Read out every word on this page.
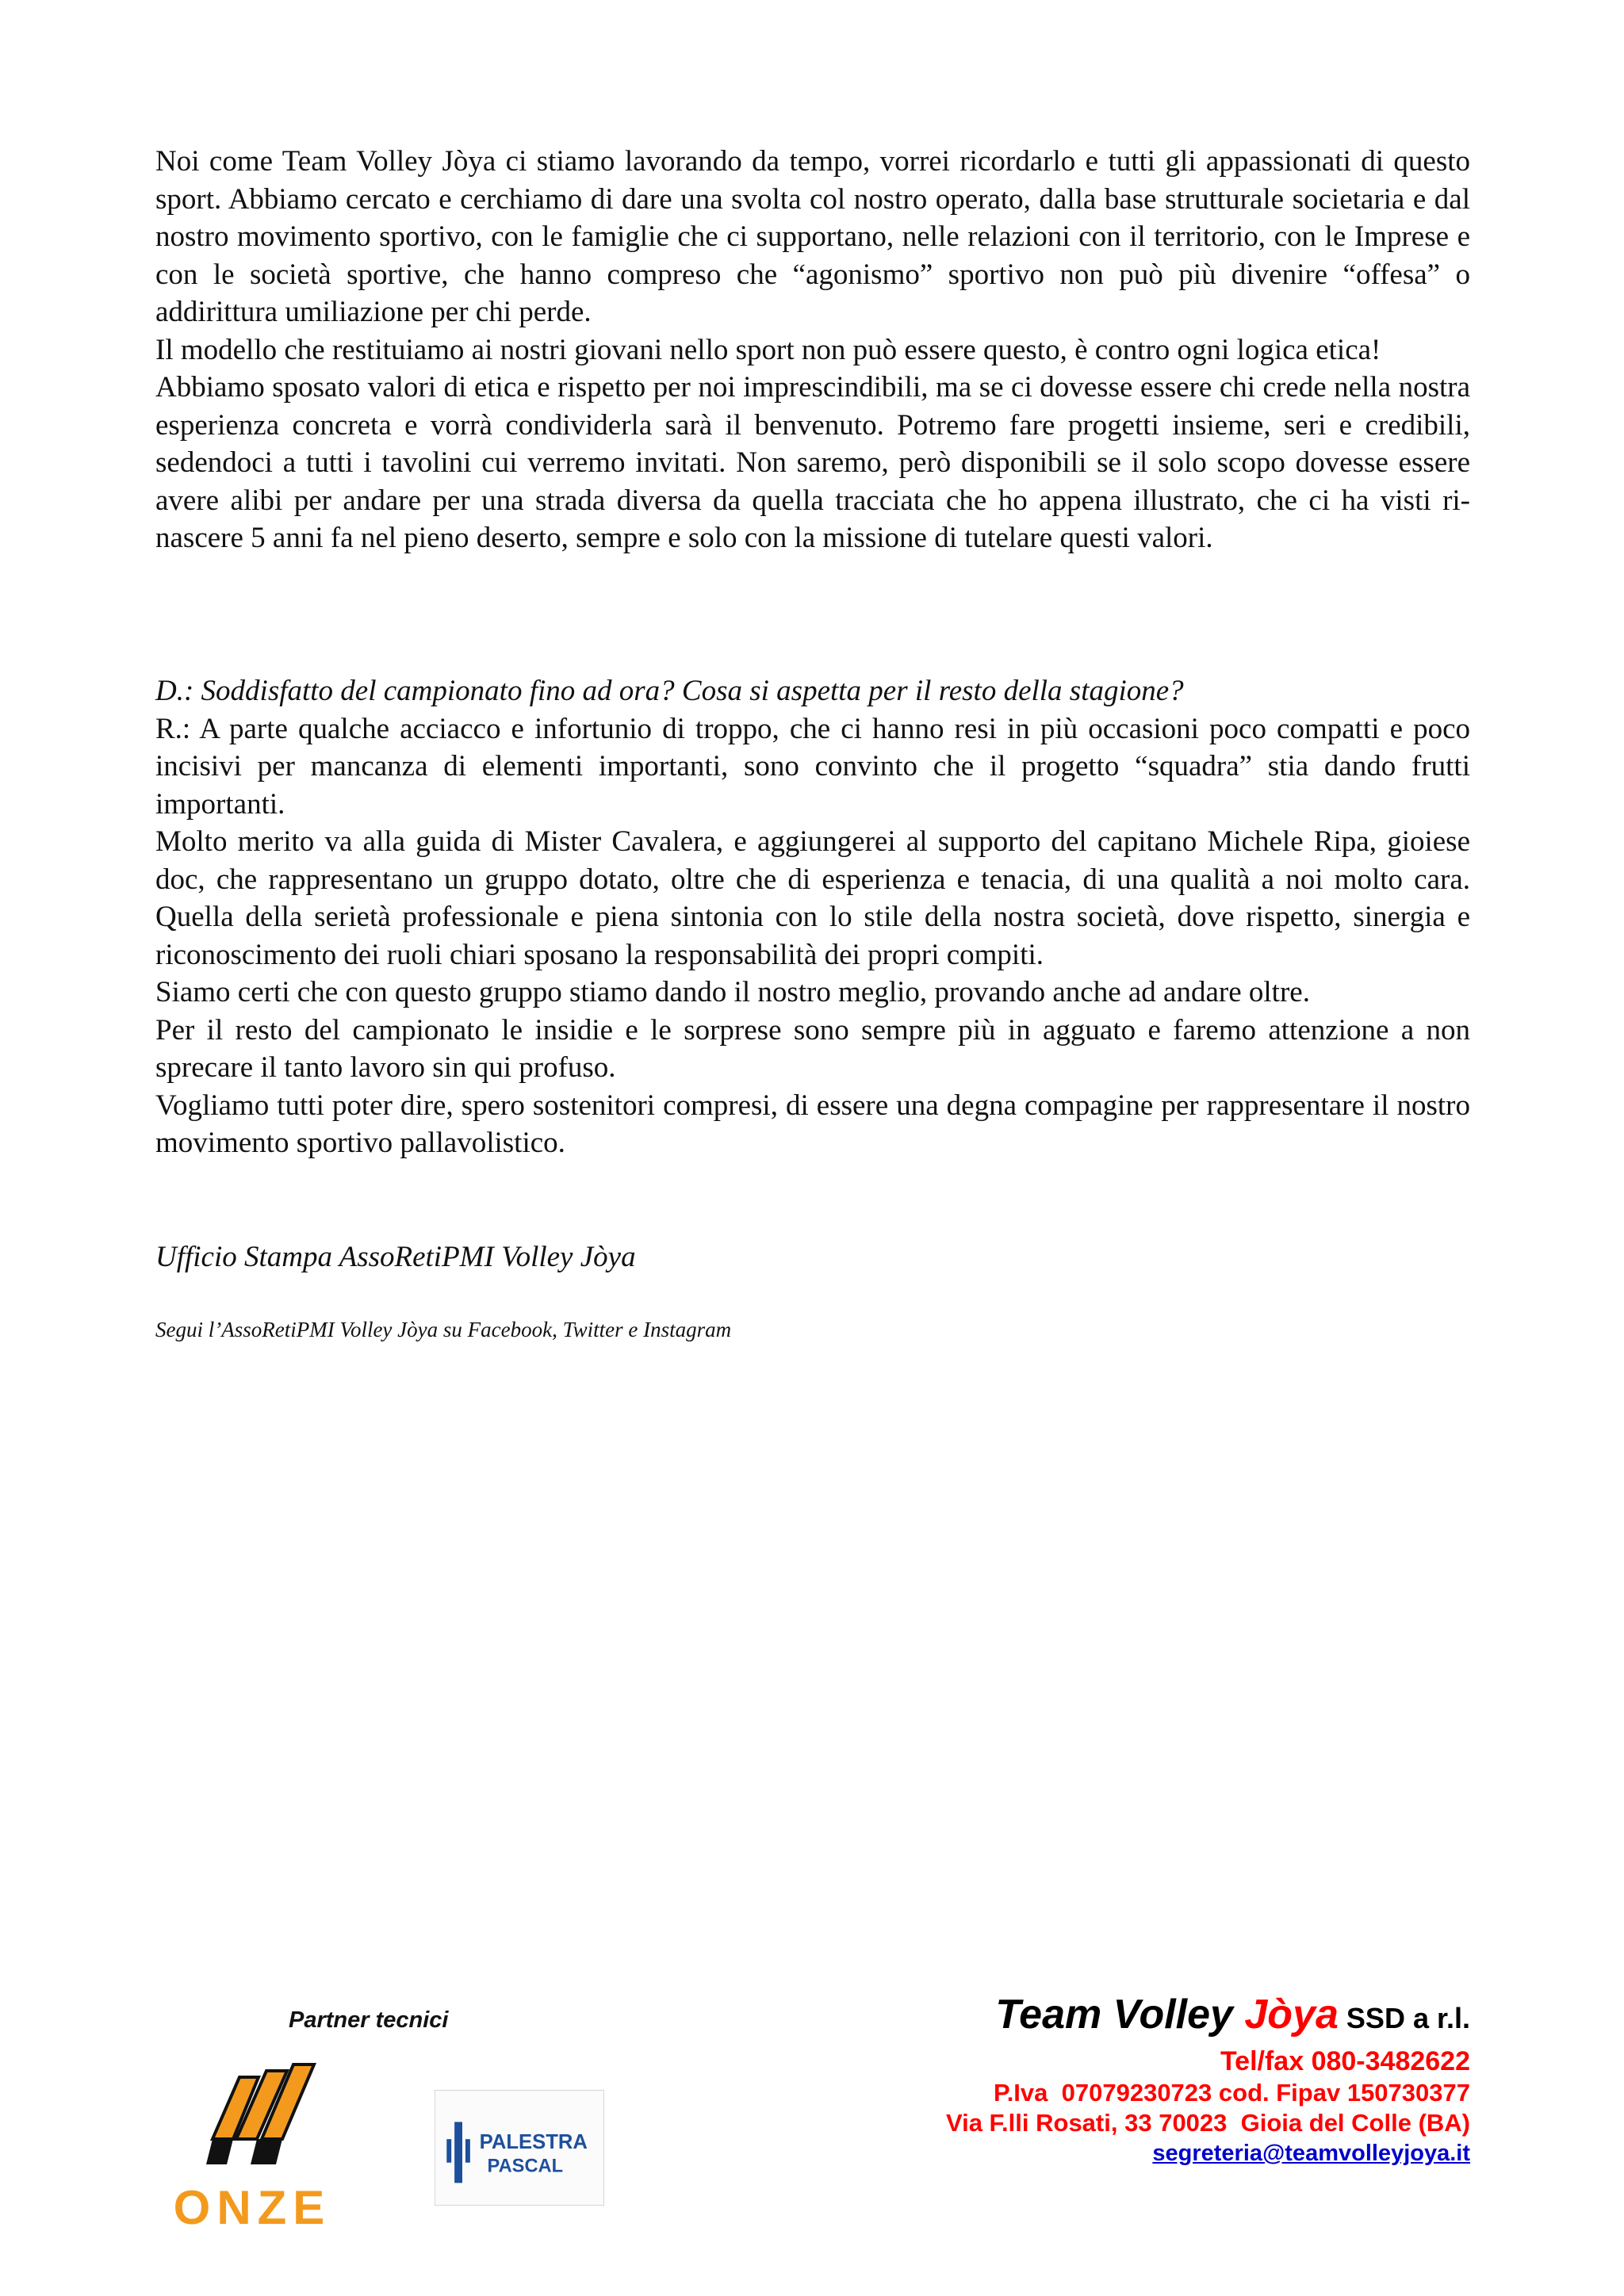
Noi come Team Volley Jòya ci stiamo lavorando da tempo, vorrei ricordarlo e tutti gli appassionati di questo sport. Abbiamo cercato e cerchiamo di dare una svolta col nostro operato, dalla base strutturale societaria e dal nostro movimento sportivo, con le famiglie che ci supportano, nelle relazioni con il territorio, con le Imprese e con le società sportive, che hanno compreso che “agonismo” sportivo non può più divenire “offesa” o addirittura umiliazione per chi perde.

Il modello che restituiamo ai nostri giovani nello sport non può essere questo, è contro ogni logica etica!

Abbiamo sposato valori di etica e rispetto per noi imprescindibili, ma se ci dovesse essere chi crede nella nostra esperienza concreta e vorrà condividerla sarà il benvenuto. Potremo fare progetti insieme, seri e credibili, sedendoci a tutti i tavolini cui verremo invitati. Non saremo, però disponibili se il solo scopo dovesse essere avere alibi per andare per una strada diversa da quella tracciata che ho appena illustrato, che ci ha visti ri-nascere 5 anni fa nel pieno deserto, sempre e solo con la missione di tutelare questi valori.

D.: Soddisfatto del campionato fino ad ora? Cosa si aspetta per il resto della stagione?

R.: A parte qualche acciacco e infortunio di troppo, che ci hanno resi in più occasioni poco compatti e poco incisivi per mancanza di elementi importanti, sono convinto che il progetto “squadra” stia dando frutti importanti.

Molto merito va alla guida di Mister Cavalera, e aggiungerei al supporto del capitano Michele Ripa, gioiese doc, che rappresentano un gruppo dotato, oltre che di esperienza e tenacia, di una qualità a noi molto cara. Quella della serietà professionale e piena sintonia con lo stile della nostra società, dove rispetto, sinergia e riconoscimento dei ruoli chiari sposano la responsabilità dei propri compiti.

Siamo certi che con questo gruppo stiamo dando il nostro meglio, provando anche ad andare oltre.

Per il resto del campionato le insidie e le sorprese sono sempre più in agguato e faremo attenzione a non sprecare il tanto lavoro sin qui profuso.

Vogliamo tutti poter dire, spero sostenitori compresi, di essere una degna compagine per rappresentare il nostro movimento sportivo pallavolistico.

Ufficio Stampa AssoRetiPMI Volley Jòya
Segui l’AssoRetiPMI Volley Jòya su Facebook, Twitter e Instagram
Partner tecnici
ONZE
PALESTRA
PASCAL
Team Volley Jòya SSD a r.l.
Tel/fax 080-3482622
P.Iva  07079230723 cod. Fipav 150730377
Via F.lli Rosati, 33 70023  Gioia del Colle (BA)
segreteria@teamvolleyjoya.it
